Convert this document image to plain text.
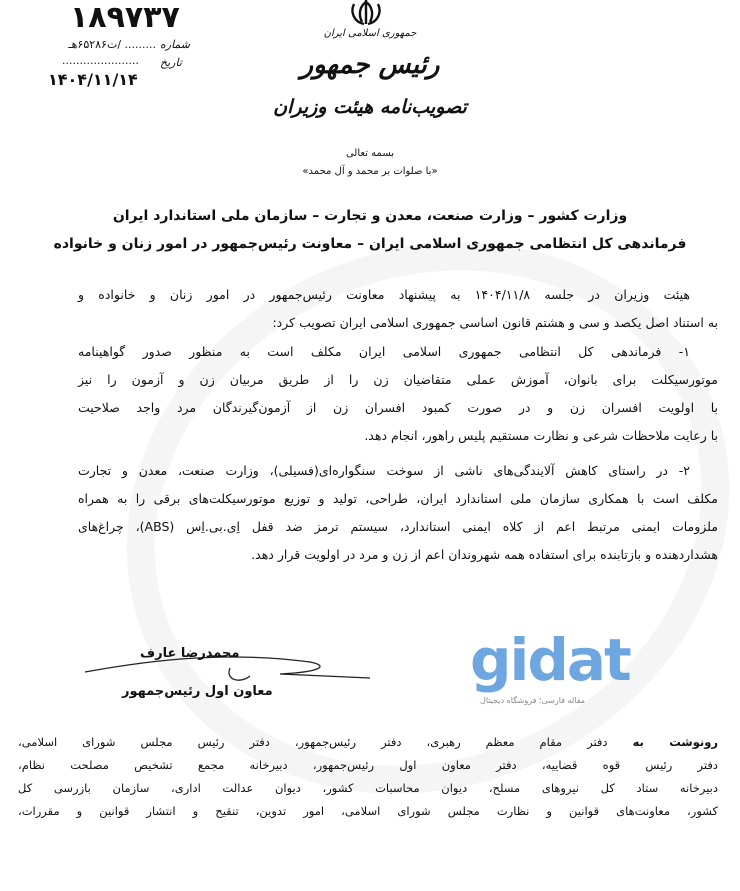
۱۸۹۷۳۷
شماره
......... /ت۶۵۲۸۶هـ
تاریخ
......................
۱۴۰۴/۱۱/۱۴
جمهوری اسلامی ایران
رئیس جمهور
تصویب‌نامه هیئت وزیران
بسمه تعالی
«با صلوات بر محمد و آل محمد»
وزارت کشور – وزارت صنعت، معدن و تجارت – سازمان ملی استاندارد ایران
فرماندهی کل انتظامی جمهوری اسلامی ایران – معاونت رئیس‌جمهور در امور زنان و خانواده
هیئت وزیران در جلسه ۱۴۰۴/۱۱/۸ به پیشنهاد معاونت رئیس‌جمهور در امور زنان و خانواده و
به استناد اصل یکصد و سی و هشتم قانون اساسی جمهوری اسلامی ایران تصویب کرد:
۱- فرماندهی کل انتظامی جمهوری اسلامی ایران مکلف است به منظور صدور گواهینامه
موتورسیکلت برای بانوان، آموزش عملی متقاضیان زن را از طریق مربیان زن و آزمون را نیز
با اولویت افسران زن و در صورت کمبود افسران زن از آزمون‌گیرندگان مرد واجد صلاحیت
با رعایت ملاحظات شرعی و نظارت مستقیم پلیس راهور، انجام دهد.
۲- در راستای کاهش آلایندگی‌های ناشی از سوخت سنگواره‌ای(فسیلی)، وزارت صنعت، معدن و تجارت
مکلف است با همکاری سازمان ملی استاندارد ایران، طراحی، تولید و توزیع موتورسیکلت‌های برقی را به همراه
ملزومات ایمنی مرتبط اعم از کلاه ایمنی استاندارد، سیستم ترمز ضد قفل اِی.بی.اِس (ABS)، چراغ‌های
هشداردهنده و بازتابنده برای استفاده همه شهروندان اعم از زن و مرد در اولویت قرار دهد.
محمدرضا عارف
معاون اول رئیس‌جمهور	gidat
مقاله فارسی؛ فروشگاه دیجیتال
رونوشت به دفتر مقام معظم رهبری، دفتر رئیس‌جمهور، دفتر رئیس مجلس شورای اسلامی،
دفتر رئیس قوه قضاییه، دفتر معاون اول رئیس‌جمهور، دبیرخانه مجمع تشخیص مصلحت نظام،
دبیرخانه ستاد کل نیروهای مسلح، دیوان محاسبات کشور، دیوان عدالت اداری، سازمان بازرسی کل
کشور، معاونت‌های قوانین و نظارت مجلس شورای اسلامی، امور تدوین، تنقیح و انتشار قوانین و مقررات،
